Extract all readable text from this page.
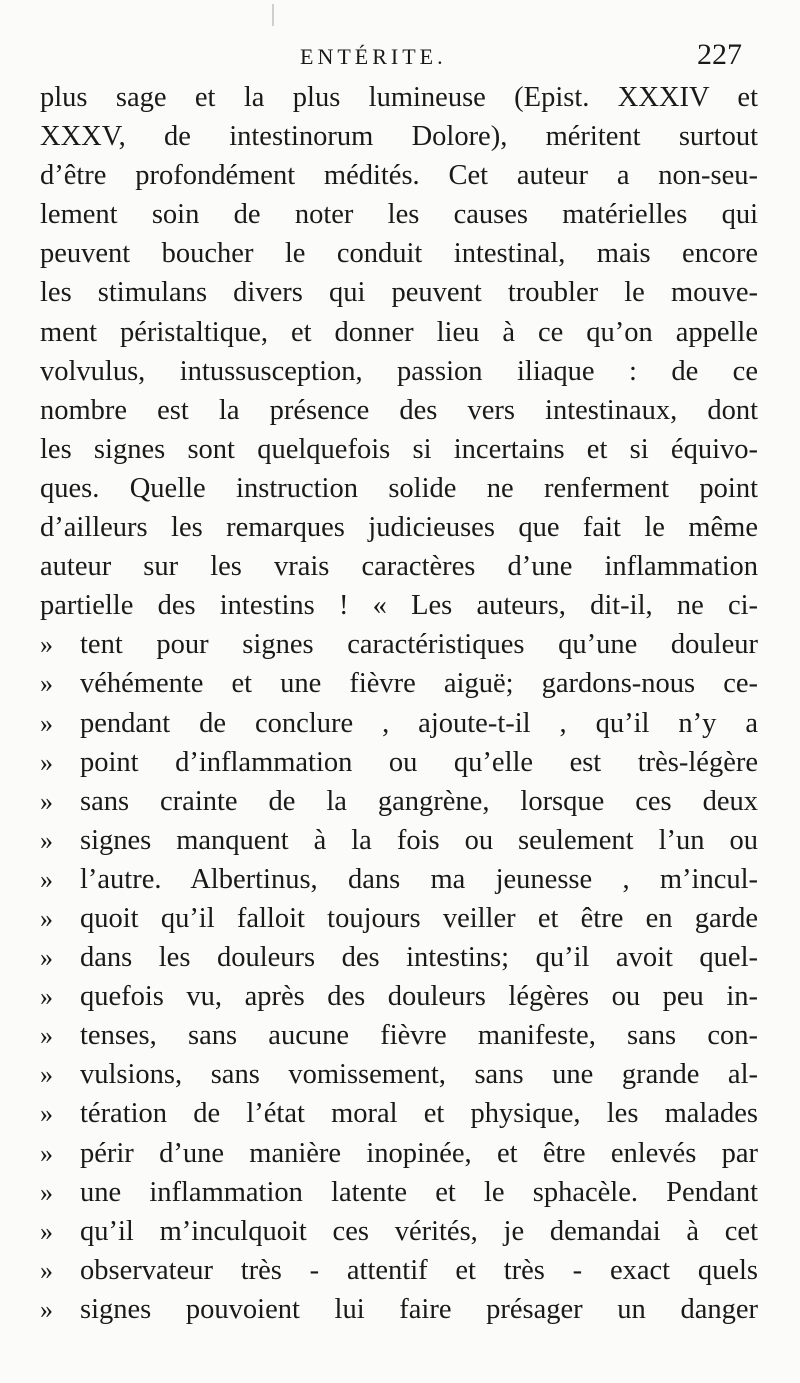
ENTÉRITE.	227
plus sage et la plus lumineuse (Epist. XXXIV et
XXXV, de intestinorum Dolore), méritent surtout
d’être profondément médités. Cet auteur a non-seu-
lement soin de noter les causes matérielles qui
peuvent boucher le conduit intestinal, mais encore
les stimulans divers qui peuvent troubler le mouve-
ment péristaltique, et donner lieu à ce qu’on appelle
volvulus, intussusception, passion iliaque : de ce
nombre est la présence des vers intestinaux, dont
les signes sont quelquefois si incertains et si équivo-
ques. Quelle instruction solide ne renferment point
d’ailleurs les remarques judicieuses que fait le même
auteur sur les vrais caractères d’une inflammation
partielle des intestins ! « Les auteurs, dit-il, ne ci-
» tent pour signes caractéristiques qu’une douleur
» véhémente et une fièvre aiguë; gardons-nous ce-
» pendant de conclure , ajoute-t-il , qu’il n’y a
» point d’inflammation ou qu’elle est très-légère
» sans crainte de la gangrène, lorsque ces deux
» signes manquent à la fois ou seulement l’un ou
» l’autre. Albertinus, dans ma jeunesse , m’incul-
» quoit qu’il falloit toujours veiller et être en garde
» dans les douleurs des intestins; qu’il avoit quel-
» quefois vu, après des douleurs légères ou peu in-
» tenses, sans aucune fièvre manifeste, sans con-
» vulsions, sans vomissement, sans une grande al-
» tération de l’état moral et physique, les malades
» périr d’une manière inopinée, et être enlevés par
» une inflammation latente et le sphacèle. Pendant
» qu’il m’inculquoit ces vérités, je demandai à cet
» observateur très - attentif et très - exact quels
» signes pouvoient lui faire présager un danger
